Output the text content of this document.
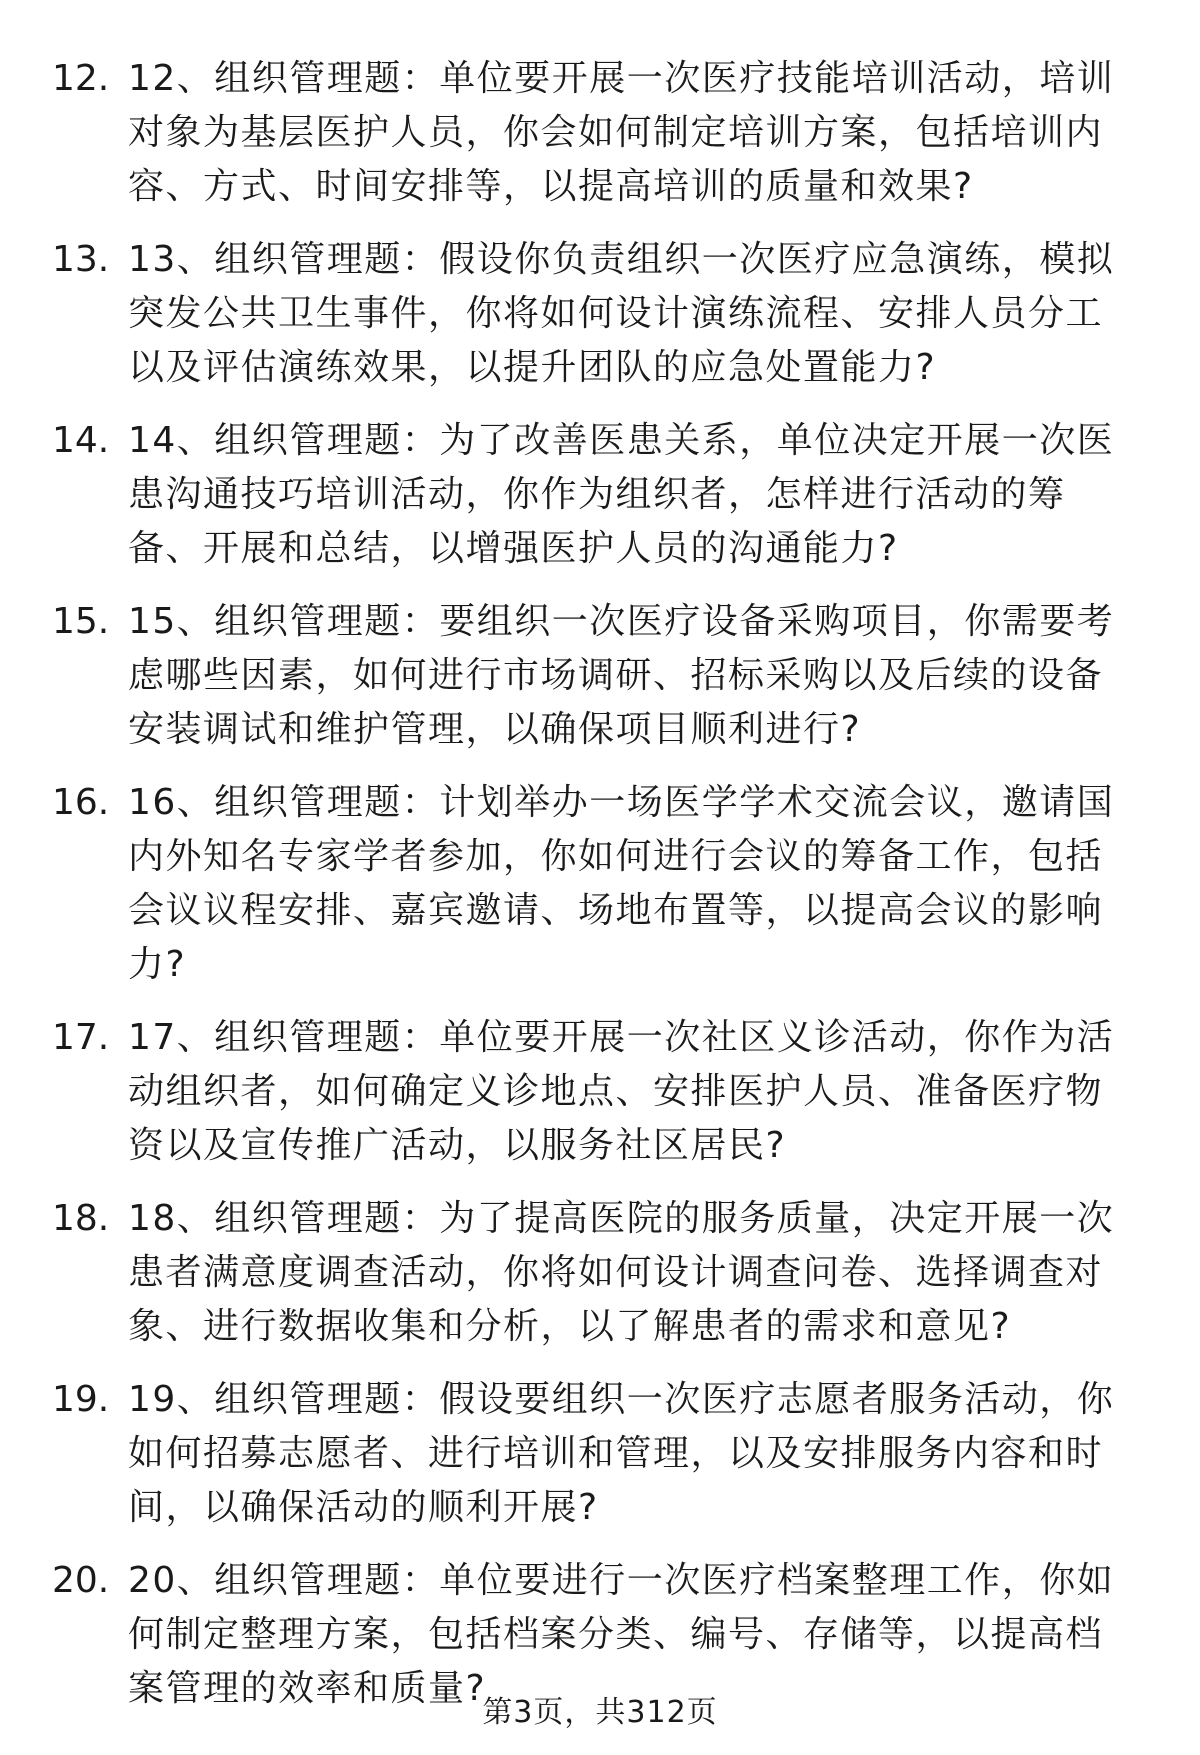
12. 12、组织管理题：单位要开展一次医疗技能培训活动，培训对象为基层医护人员，你会如何制定培训方案，包括培训内容、方式、时间安排等，以提高培训的质量和效果?
13. 13、组织管理题：假设你负责组织一次医疗应急演练，模拟突发公共卫生事件，你将如何设计演练流程、安排人员分工以及评估演练效果，以提升团队的应急处置能力?
14. 14、组织管理题：为了改善医患关系，单位决定开展一次医患沟通技巧培训活动，你作为组织者，怎样进行活动的筹备、开展和总结，以增强医护人员的沟通能力?
15. 15、组织管理题：要组织一次医疗设备采购项目，你需要考虑哪些因素，如何进行市场调研、招标采购以及后续的设备安装调试和维护管理，以确保项目顺利进行?
16. 16、组织管理题：计划举办一场医学学术交流会议，邀请国内外知名专家学者参加，你如何进行会议的筹备工作，包括会议议程安排、嘉宾邀请、场地布置等，以提高会议的影响力?
17. 17、组织管理题：单位要开展一次社区义诊活动，你作为活动组织者，如何确定义诊地点、安排医护人员、准备医疗物资以及宣传推广活动，以服务社区居民?
18. 18、组织管理题：为了提高医院的服务质量，决定开展一次患者满意度调查活动，你将如何设计调查问卷、选择调查对象、进行数据收集和分析，以了解患者的需求和意见?
19. 19、组织管理题：假设要组织一次医疗志愿者服务活动，你如何招募志愿者、进行培训和管理，以及安排服务内容和时间，以确保活动的顺利开展?
20. 20、组织管理题：单位要进行一次医疗档案整理工作，你如何制定整理方案，包括档案分类、编号、存储等，以提高档案管理的效率和质量?
第3页，共312页
